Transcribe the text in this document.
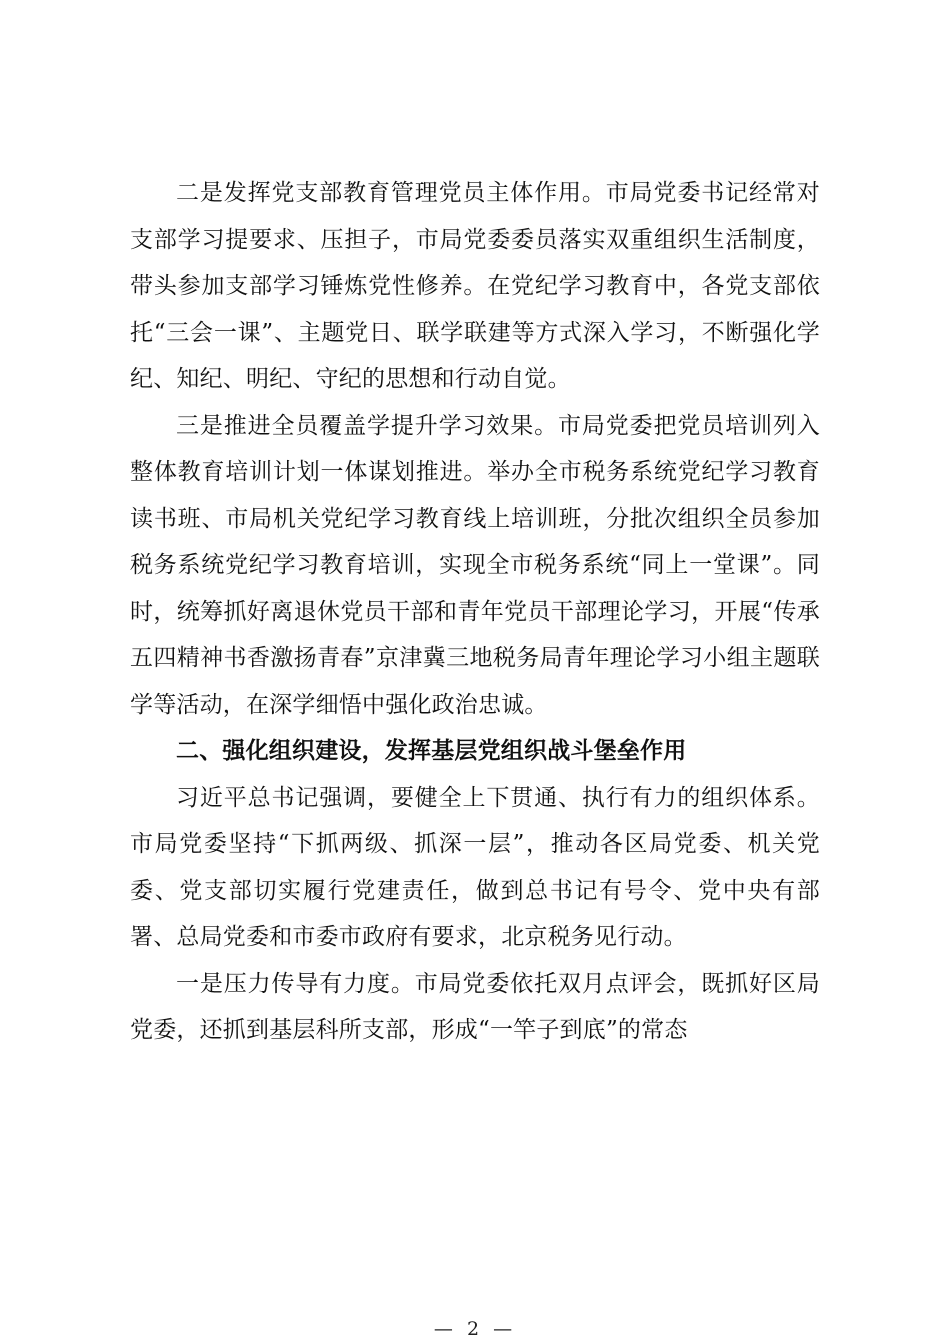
二是发挥党支部教育管理党员主体作用。市局党委书记经常对支部学习提要求、压担子，市局党委委员落实双重组织生活制度，带头参加支部学习锤炼党性修养。在党纪学习教育中，各党支部依托“三会一课”、主题党日、联学联建等方式深入学习，不断强化学纪、知纪、明纪、守纪的思想和行动自觉。

三是推进全员覆盖学提升学习效果。市局党委把党员培训列入整体教育培训计划一体谋划推进。举办全市税务系统党纪学习教育读书班、市局机关党纪学习教育线上培训班，分批次组织全员参加税务系统党纪学习教育培训，实现全市税务系统“同上一堂课”。同时，统筹抓好离退休党员干部和青年党员干部理论学习，开展“传承五四精神书香激扬青春”京津冀三地税务局青年理论学习小组主题联学等活动，在深学细悟中强化政治忠诚。

二、强化组织建设，发挥基层党组织战斗堡垒作用

习近平总书记强调，要健全上下贯通、执行有力的组织体系。市局党委坚持“下抓两级、抓深一层”，推动各区局党委、机关党委、党支部切实履行党建责任，做到总书记有号令、党中央有部署、总局党委和市委市政府有要求，北京税务见行动。

一是压力传导有力度。市局党委依托双月点评会，既抓好区局党委，还抓到基层科所支部，形成“一竿子到底”的常态

— 2 —
